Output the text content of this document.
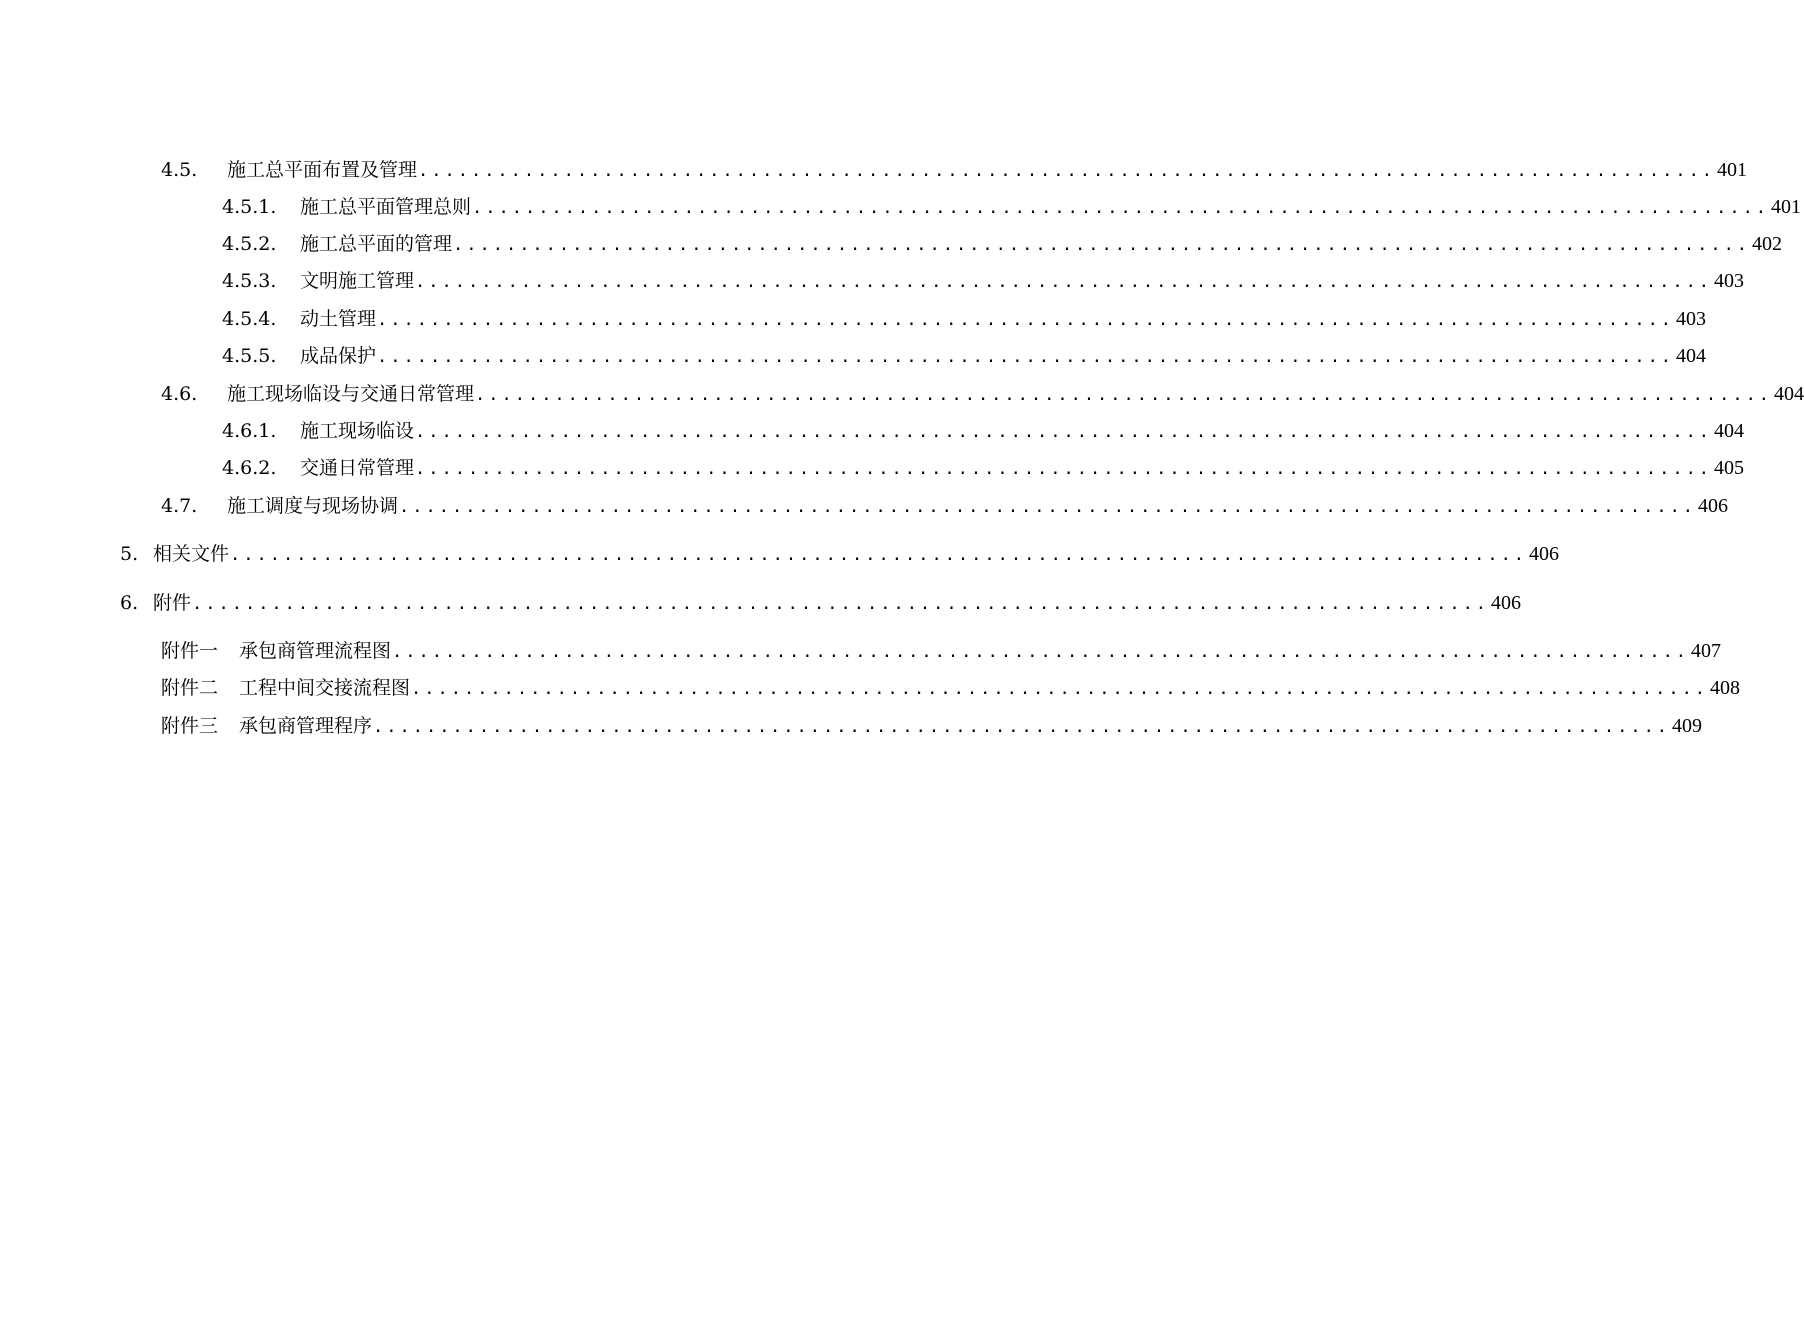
4.5.	施工总平面布置及管理 .................................................................................................. 401
4.5.1.	施工总平面管理总则 .................................................................................................. 401
4.5.2.	施工总平面的管理 .................................................................................................. 402
4.5.3.	文明施工管理 .................................................................................................. 403
4.5.4.	动土管理 .................................................................................................. 403
4.5.5.	成品保护 .................................................................................................. 404
4.6.	施工现场临设与交通日常管理 .................................................................................................. 404
4.6.1.	施工现场临设 .................................................................................................. 404
4.6.2.	交通日常管理 .................................................................................................. 405
4.7.	施工调度与现场协调 .................................................................................................. 406
5. 相关文件 .................................................................................................. 406
6. 附件 .................................................................................................. 406
附件一	承包商管理流程图 .................................................................................................. 407
附件二	工程中间交接流程图 .................................................................................................. 408
附件三	承包商管理程序 .................................................................................................. 409
